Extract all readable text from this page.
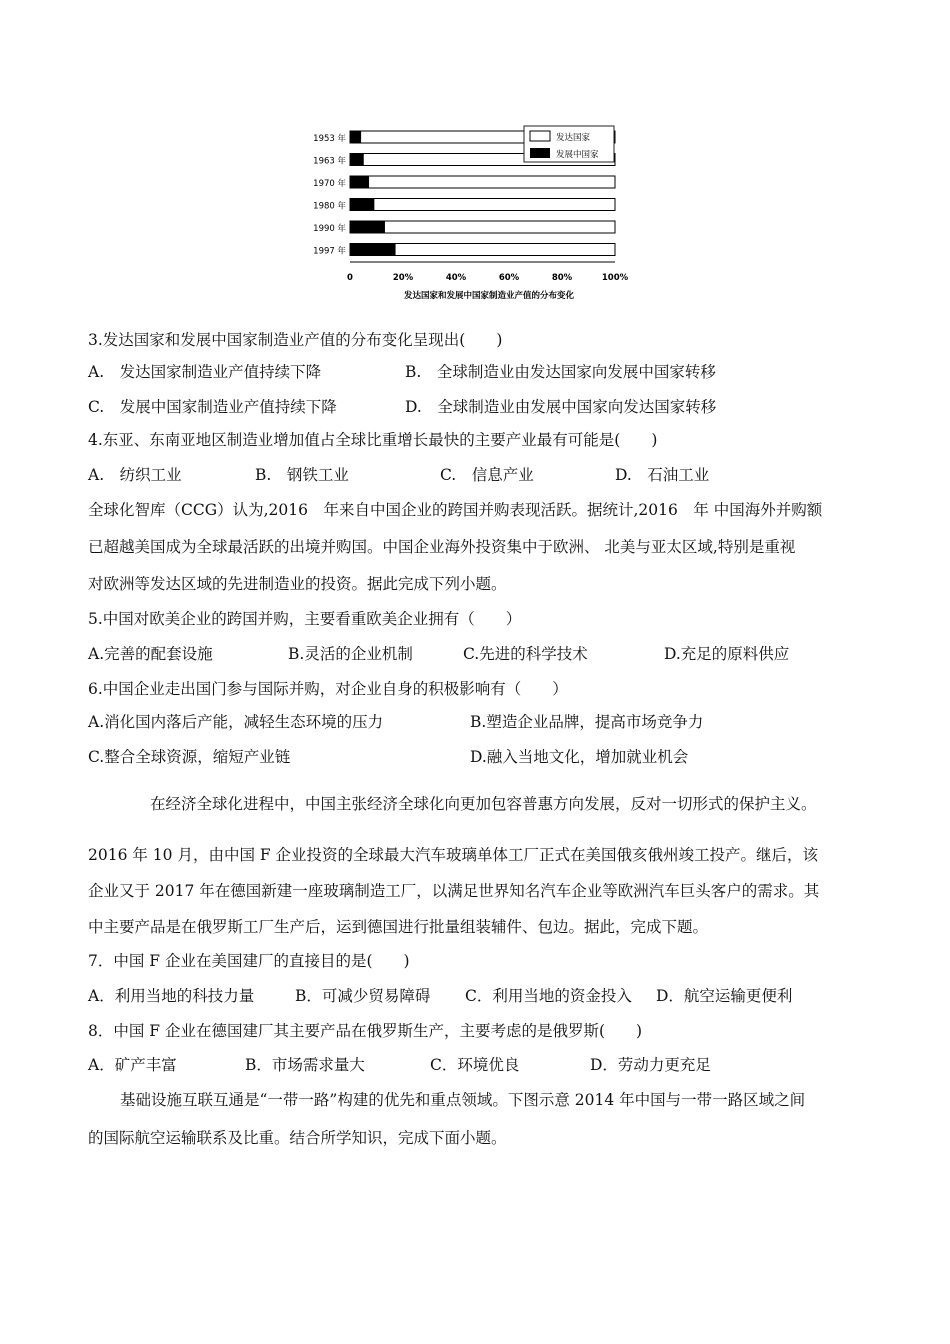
1953 年
1963 年
1970 年
1980 年
1990 年
1997 年
0	20%	40%	60%	80%	100%
发达国家
发展中国家
发达国家和发展中国家制造业产值的分布变化
3.发达国家和发展中国家制造业产值的分布变化呈现出(　　)
A.　发达国家制造业产值持续下降	B.　全球制造业由发达国家向发展中国家转移
C.　发展中国家制造业产值持续下降	D.　全球制造业由发展中国家向发达国家转移
4.东亚、东南亚地区制造业增加值占全球比重增长最快的主要产业最有可能是(　　)
A.　纺织工业	B.　钢铁工业	C.　信息产业	D.　石油工业
全球化智库（CCG）认为,2016　年来自中国企业的跨国并购表现活跃。据统计,2016　年 中国海外并购额
已超越美国成为全球最活跃的出境并购国。中国企业海外投资集中于欧洲、 北美与亚太区域,特别是重视
对欧洲等发达区域的先进制造业的投资。据此完成下列小题。
5.中国对欧美企业的跨国并购，主要看重欧美企业拥有（　　）
A.完善的配套设施	B.灵活的企业机制	C.先进的科学技术	D.充足的原料供应
6.中国企业走出国门参与国际并购，对企业自身的积极影响有（　　）
A.消化国内落后产能，减轻生态环境的压力	B.塑造企业品牌，提高市场竞争力
C.整合全球资源，缩短产业链	D.融入当地文化，增加就业机会
在经济全球化进程中，中国主张经济全球化向更加包容普惠方向发展，反对一切形式的保护主义。
2016 年 10 月，由中国 F 企业投资的全球最大汽车玻璃单体工厂正式在美国俄亥俄州竣工投产。继后，该
企业又于 2017 年在德国新建一座玻璃制造工厂，以满足世界知名汽车企业等欧洲汽车巨头客户的需求。其
中主要产品是在俄罗斯工厂生产后，运到德国进行批量组装辅件、包边。据此，完成下题。
7．中国 F 企业在美国建厂的直接目的是(　　)
A．利用当地的科技力量	B．可减少贸易障碍 C．利用当地的资金投入 D．航空运输更便利
8．中国 F 企业在德国建厂其主要产品在俄罗斯生产，主要考虑的是俄罗斯(　　)
A．矿产丰富	B．市场需求量大	C．环境优良	D．劳动力更充足
基础设施互联互通是“一带一路”构建的优先和重点领域。下图示意 2014 年中国与一带一路区域之间
的国际航空运输联系及比重。结合所学知识，完成下面小题。
